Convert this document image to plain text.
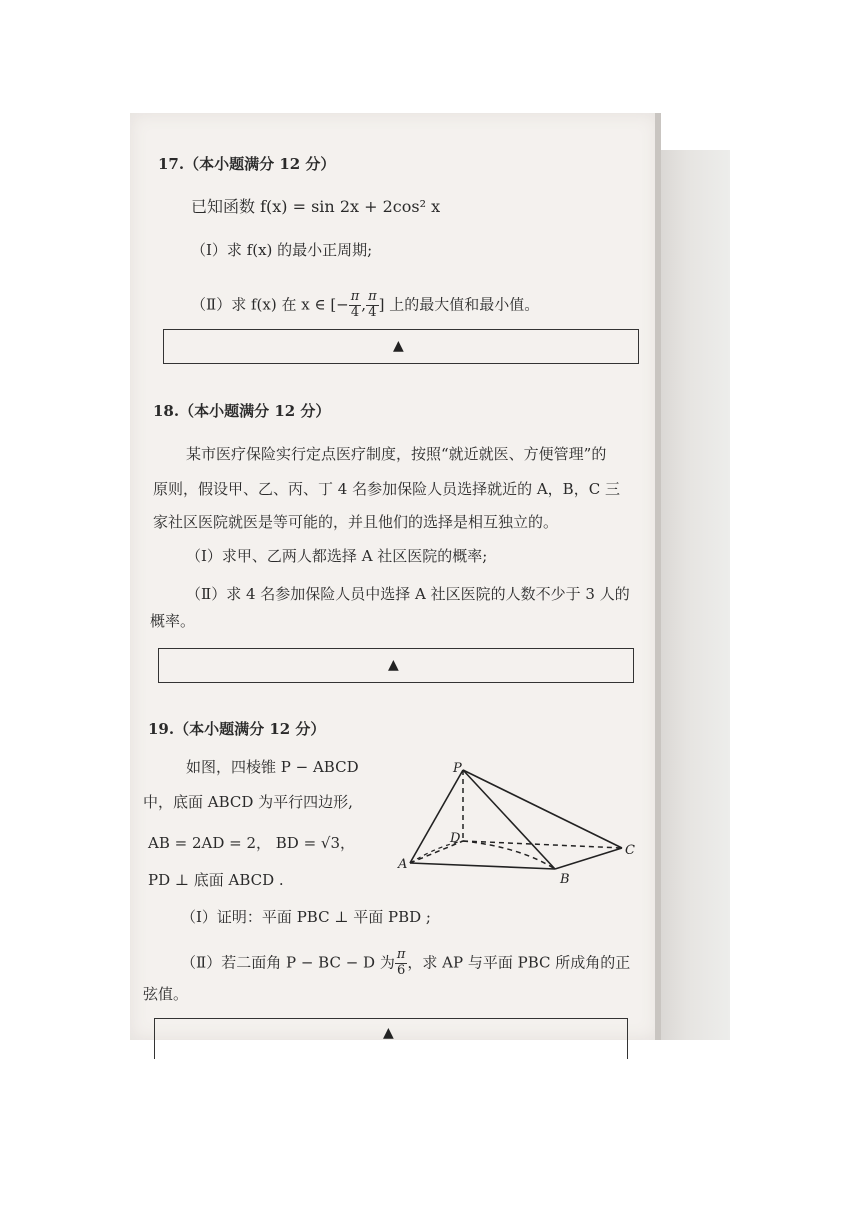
17.（本小题满分 12 分）
已知函数 f(x) = sin 2x + 2cos² x
（Ⅰ）求 f(x) 的最小正周期;
（Ⅱ）求 f(x) 在 x ∈ [− $\frac{\pi}{4}$ , $\frac{\pi}{4}$ ] 上的最大值和最小值。
▲
18.（本小题满分 12 分）
某市医疗保险实行定点医疗制度，按照“就近就医、方便管理”的
原则，假设甲、乙、丙、丁 4 名参加保险人员选择就近的 A，B，C 三
家社区医院就医是等可能的，并且他们的选择是相互独立的。
（Ⅰ）求甲、乙两人都选择 A 社区医院的概率;
（Ⅱ）求 4 名参加保险人员中选择 A 社区医院的人数不少于 3 人的
概率。
▲
19.（本小题满分 12 分）
如图，四棱锥 P − ABCD
中，底面 ABCD 为平行四边形,
AB = 2AD = 2， BD = √3，
PD ⊥ 底面 ABCD .
（Ⅰ）证明：平面 PBC ⊥ 平面 PBD ;
（Ⅱ）若二面角 P − BC − D 为 $\frac{\pi}{6}$ ，求 AP 与平面 PBC 所成角的正
弦值。
▲
P
D
A
B
C
